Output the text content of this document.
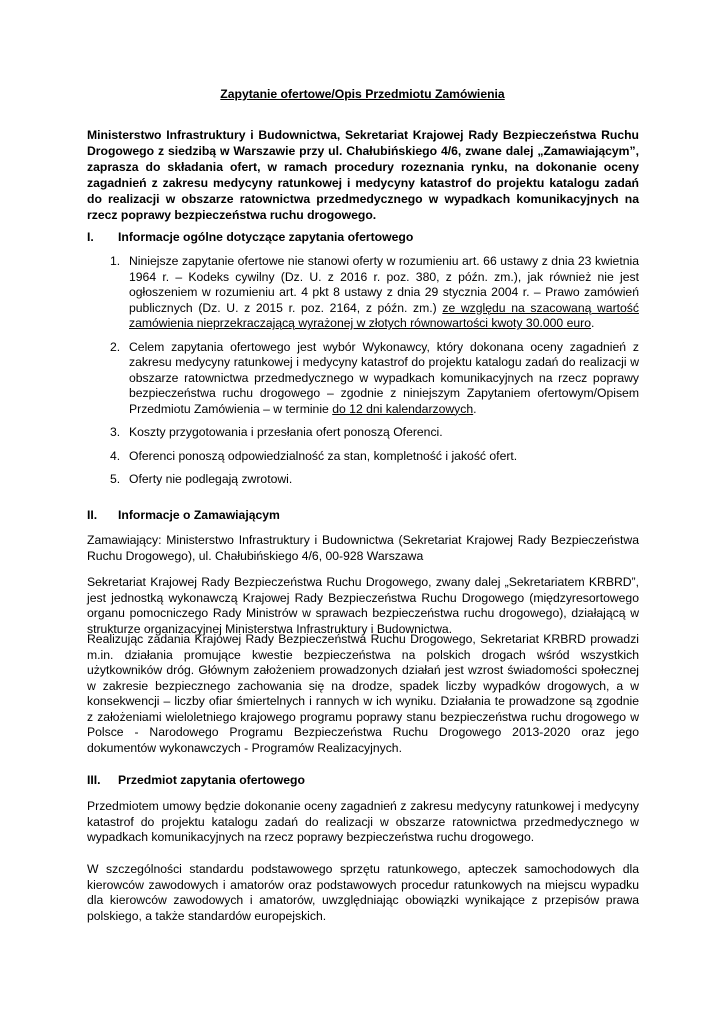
Zapytanie ofertowe/Opis Przedmiotu Zamówienia

Ministerstwo Infrastruktury i Budownictwa, Sekretariat Krajowej Rady Bezpieczeństwa Ruchu Drogowego z siedzibą w Warszawie przy ul. Chałubińskiego 4/6, zwane dalej „Zamawiającym”, zaprasza do składania ofert, w ramach procedury rozeznania rynku, na dokonanie oceny zagadnień z zakresu medycyny ratunkowej i medycyny katastrof do projektu katalogu zadań do realizacji w obszarze ratownictwa przedmedycznego w wypadkach komunikacyjnych na rzecz poprawy bezpieczeństwa ruchu drogowego.

I. Informacje ogólne dotyczące zapytania ofertowego
1. Niniejsze zapytanie ofertowe nie stanowi oferty w rozumieniu art. 66 ustawy z dnia 23 kwietnia 1964 r. – Kodeks cywilny (Dz. U. z 2016 r. poz. 380, z późn. zm.), jak również nie jest ogłoszeniem w rozumieniu art. 4 pkt 8 ustawy z dnia 29 stycznia 2004 r. – Prawo zamówień publicznych (Dz. U. z 2015 r. poz. 2164, z późn. zm.) ze względu na szacowaną wartość zamówienia nieprzekraczającą wyrażonej w złotych równowartości kwoty 30.000 euro.
2. Celem zapytania ofertowego jest wybór Wykonawcy, który dokonana oceny zagadnień z zakresu medycyny ratunkowej i medycyny katastrof do projektu katalogu zadań do realizacji w obszarze ratownictwa przedmedycznego w wypadkach komunikacyjnych na rzecz poprawy bezpieczeństwa ruchu drogowego – zgodnie z niniejszym Zapytaniem ofertowym/Opisem Przedmiotu Zamówienia – w terminie do 12 dni kalendarzowych.
3. Koszty przygotowania i przesłania ofert ponoszą Oferenci.
4. Oferenci ponoszą odpowiedzialność za stan, kompletność i jakość ofert.
5. Oferty nie podlegają zwrotowi.
II. Informacje o Zamawiającym

Zamawiający: Ministerstwo Infrastruktury i Budownictwa (Sekretariat Krajowej Rady Bezpieczeństwa Ruchu Drogowego), ul. Chałubińskiego 4/6, 00-928 Warszawa

Sekretariat Krajowej Rady Bezpieczeństwa Ruchu Drogowego, zwany dalej „Sekretariatem KRBRD”, jest jednostką wykonawczą Krajowej Rady Bezpieczeństwa Ruchu Drogowego (międzyresortowego organu pomocniczego Rady Ministrów w sprawach bezpieczeństwa ruchu drogowego), działającą w strukturze organizacyjnej Ministerstwa Infrastruktury i Budownictwa.

Realizując zadania Krajowej Rady Bezpieczeństwa Ruchu Drogowego, Sekretariat KRBRD prowadzi m.in. działania promujące kwestie bezpieczeństwa na polskich drogach wśród wszystkich użytkowników dróg. Głównym założeniem prowadzonych działań jest wzrost świadomości społecznej w zakresie bezpiecznego zachowania się na drodze, spadek liczby wypadków drogowych, a w konsekwencji – liczby ofiar śmiertelnych i rannych w ich wyniku. Działania te prowadzone są zgodnie z założeniami wieloletniego krajowego programu poprawy stanu bezpieczeństwa ruchu drogowego w Polsce - Narodowego Programu Bezpieczeństwa Ruchu Drogowego 2013-2020 oraz jego dokumentów wykonawczych - Programów Realizacyjnych.

III. Przedmiot zapytania ofertowego

Przedmiotem umowy będzie dokonanie oceny zagadnień z zakresu medycyny ratunkowej i medycyny katastrof do projektu katalogu zadań do realizacji w obszarze ratownictwa przedmedycznego w wypadkach komunikacyjnych na rzecz poprawy bezpieczeństwa ruchu drogowego.

W szczególności standardu podstawowego sprzętu ratunkowego, apteczek samochodowych dla kierowców zawodowych i amatorów oraz podstawowych procedur ratunkowych na miejscu wypadku dla kierowców zawodowych i amatorów, uwzględniając obowiązki wynikające z przepisów prawa polskiego, a także standardów europejskich.
